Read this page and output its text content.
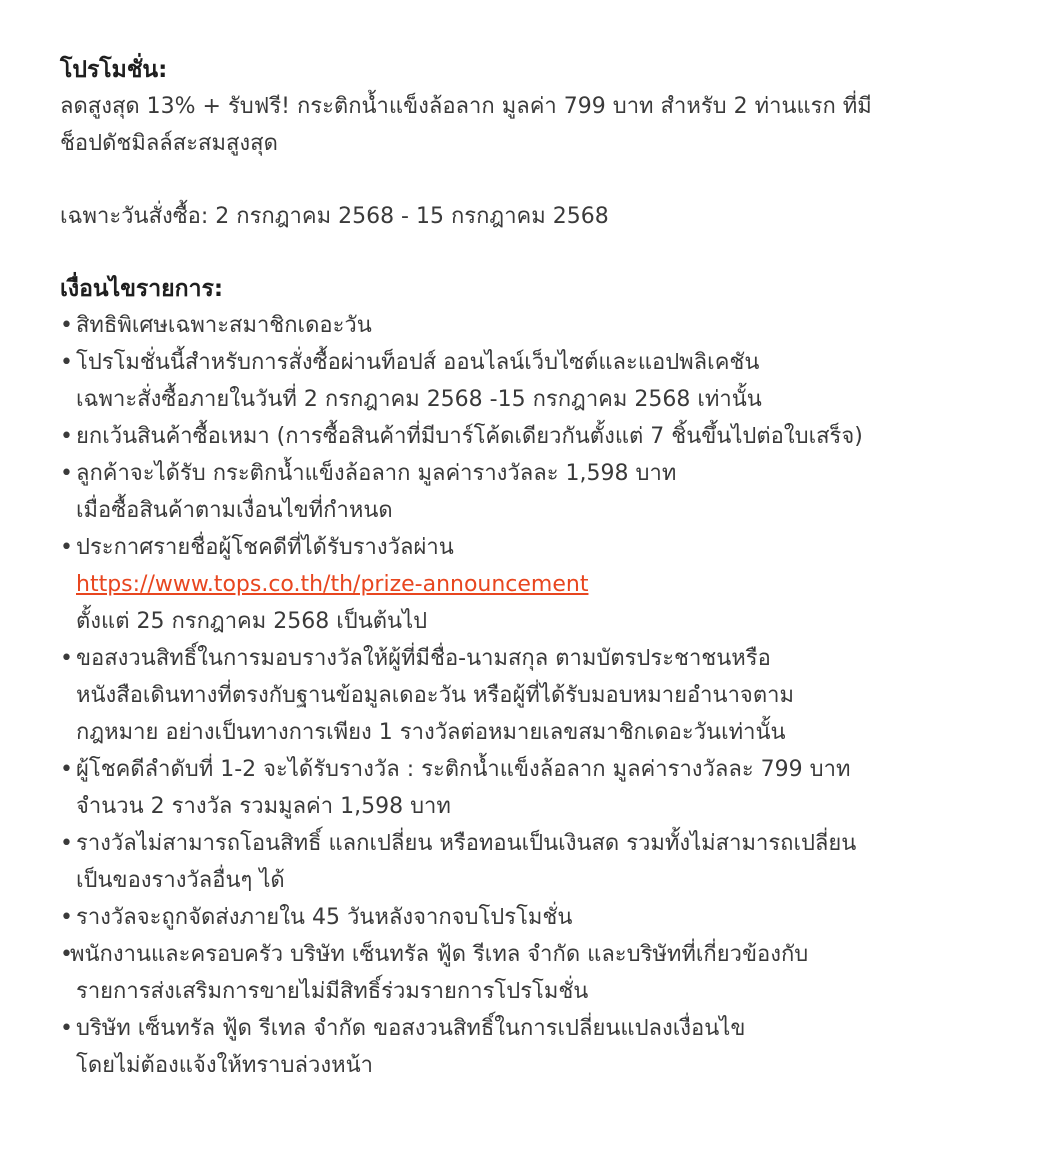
โปรโมชั่น:

ลดสูงสุด 13% + รับฟรี! กระติกน้ำแข็งล้อลาก มูลค่า 799 บาท สำหรับ 2 ท่านแรก ที่มี
ช็อปดัชมิลล์สะสมสูงสุด

เฉพาะวันสั่งซื้อ: 2 กรกฎาคม 2568 - 15 กรกฎาคม 2568

เงื่อนไขรายการ:
• สิทธิพิเศษเฉพาะสมาชิกเดอะวัน
• โปรโมชั่นนี้สำหรับการสั่งซื้อผ่านท็อปส์ ออนไลน์เว็บไซต์และแอปพลิเคชัน
เฉพาะสั่งซื้อภายในวันที่ 2 กรกฎาคม 2568 -15 กรกฎาคม 2568 เท่านั้น
• ยกเว้นสินค้าซื้อเหมา (การซื้อสินค้าที่มีบาร์โค้ดเดียวกันตั้งแต่ 7 ชิ้นขึ้นไปต่อใบเสร็จ)
• ลูกค้าจะได้รับ กระติกน้ำแข็งล้อลาก มูลค่ารางวัลละ 1,598 บาท
เมื่อซื้อสินค้าตามเงื่อนไขที่กำหนด
• ประกาศรายชื่อผู้โชคดีที่ได้รับรางวัลผ่าน
https://www.tops.co.th/th/prize-announcement
ตั้งแต่ 25 กรกฎาคม 2568 เป็นต้นไป
• ขอสงวนสิทธิ์ในการมอบรางวัลให้ผู้ที่มีชื่อ-นามสกุล ตามบัตรประชาชนหรือ
หนังสือเดินทางที่ตรงกับฐานข้อมูลเดอะวัน หรือผู้ที่ได้รับมอบหมายอำนาจตาม
กฎหมาย อย่างเป็นทางการเพียง 1 รางวัลต่อหมายเลขสมาชิกเดอะวันเท่านั้น
• ผู้โชคดีลำดับที่ 1-2 จะได้รับรางวัล : ระติกน้ำแข็งล้อลาก มูลค่ารางวัลละ 799 บาท
จำนวน 2 รางวัล รวมมูลค่า 1,598 บาท
• รางวัลไม่สามารถโอนสิทธิ์ แลกเปลี่ยน หรือทอนเป็นเงินสด รวมทั้งไม่สามารถเปลี่ยน
เป็นของรางวัลอื่นๆ ได้
• รางวัลจะถูกจัดส่งภายใน 45 วันหลังจากจบโปรโมชั่น
•
พนักงานและครอบครัว บริษัท เซ็นทรัล ฟู้ด รีเทล จำกัด และบริษัทที่เกี่ยวข้องกับ
รายการส่งเสริมการขายไม่มีสิทธิ์ร่วมรายการโปรโมชั่น
• บริษัท เซ็นทรัล ฟู้ด รีเทล จำกัด ขอสงวนสิทธิ์ในการเปลี่ยนแปลงเงื่อนไข
โดยไม่ต้องแจ้งให้ทราบล่วงหน้า
